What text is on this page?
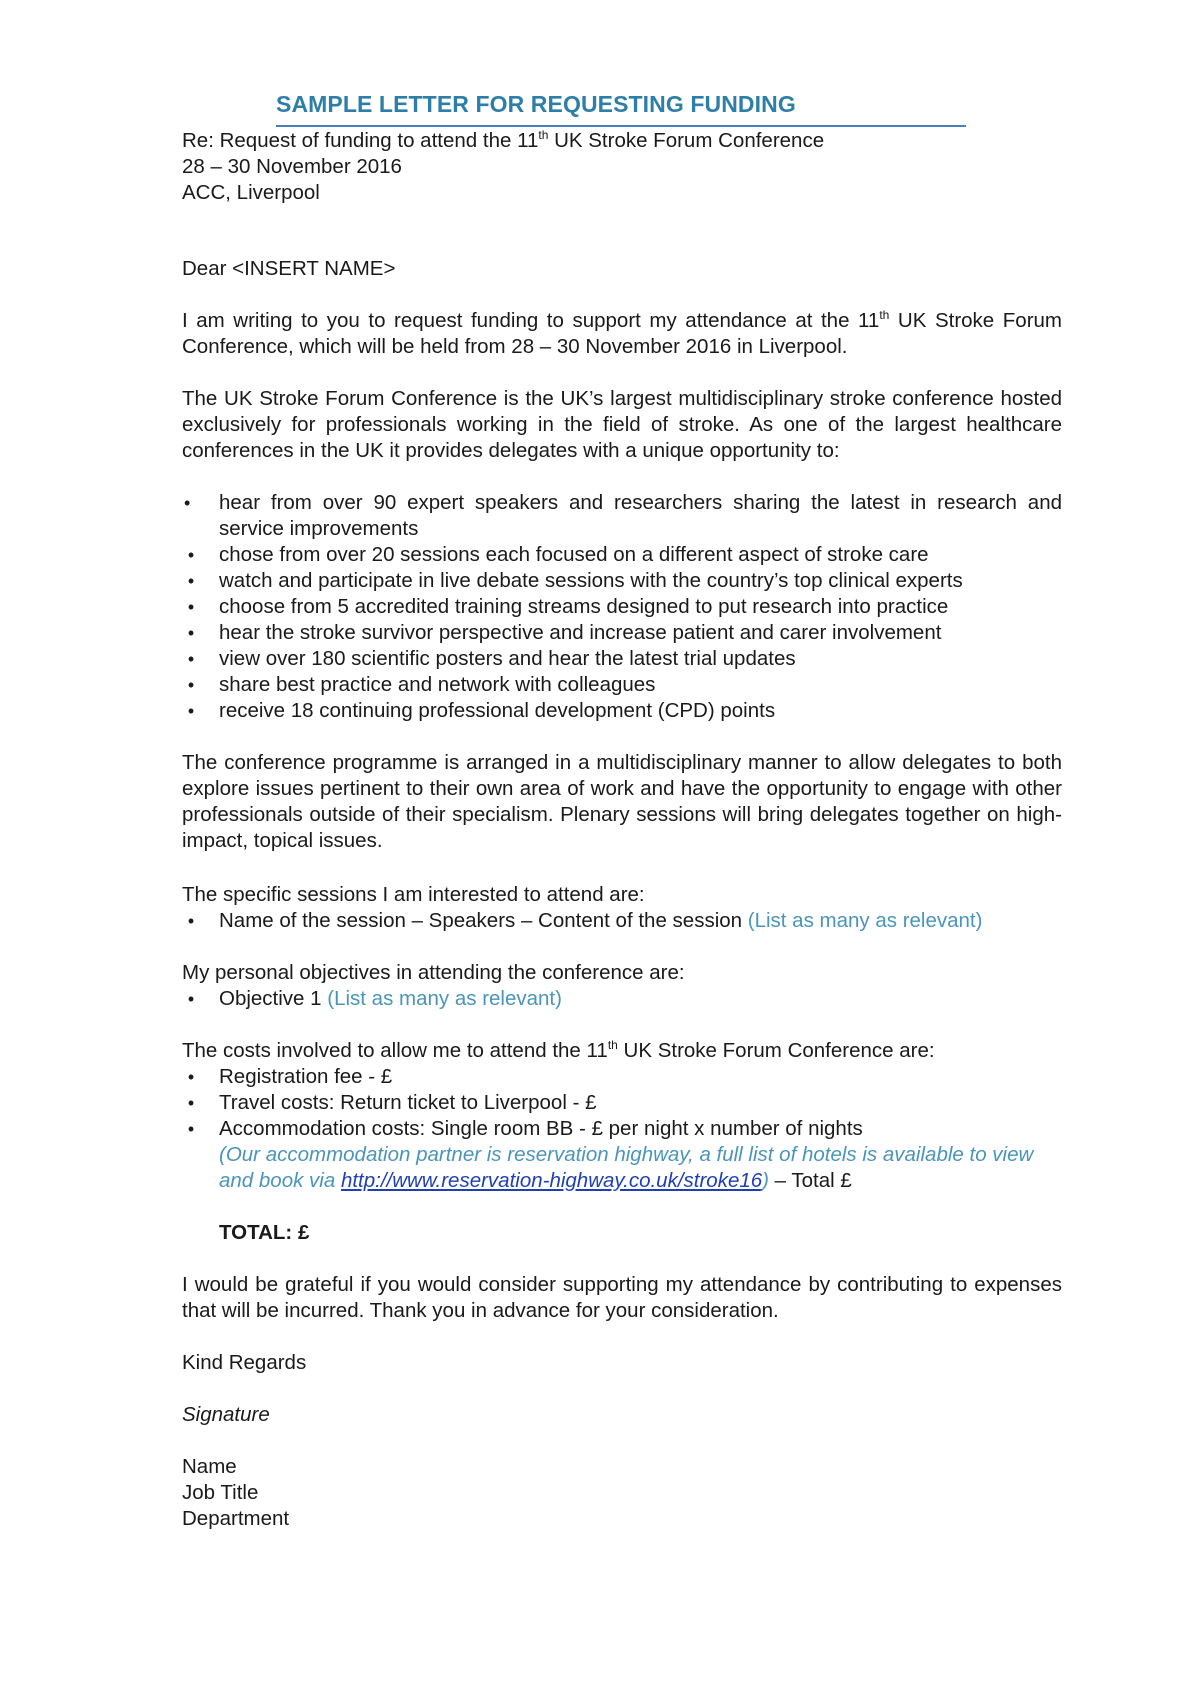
SAMPLE LETTER FOR REQUESTING FUNDING

Re: Request of funding to attend the 11th UK Stroke Forum Conference

28 – 30 November 2016

ACC, Liverpool

Dear <INSERT NAME>

I am writing to you to request funding to support my attendance at the 11th UK Stroke Forum Conference, which will be held from 28 – 30 November 2016 in Liverpool.

The UK Stroke Forum Conference is the UK’s largest multidisciplinary stroke conference hosted exclusively for professionals working in the field of stroke. As one of the largest healthcare conferences in the UK it provides delegates with a unique opportunity to:

•	hear from over 90 expert speakers and researchers sharing the latest in research and service improvements
• chose from over 20 sessions each focused on a different aspect of stroke care
• watch and participate in live debate sessions with the country’s top clinical experts
• choose from 5 accredited training streams designed to put research into practice
• hear the stroke survivor perspective and increase patient and carer involvement
• view over 180 scientific posters and hear the latest trial updates
• share best practice and network with colleagues
• receive 18 continuing professional development (CPD) points

The conference programme is arranged in a multidisciplinary manner to allow delegates to both explore issues pertinent to their own area of work and have the opportunity to engage with other professionals outside of their specialism. Plenary sessions will bring delegates together on high-impact, topical issues.

The specific sessions I am interested to attend are:

• Name of the session – Speakers – Content of the session (List as many as relevant)

My personal objectives in attending the conference are:

• Objective 1 (List as many as relevant)

The costs involved to allow me to attend the 11th UK Stroke Forum Conference are:

• Registration fee - £
• Travel costs: Return ticket to Liverpool - £
• Accommodation costs: Single room BB - £ per night x number of nights
(Our accommodation partner is reservation highway, a full list of hotels is available to view and book via http://www.reservation-highway.co.uk/stroke16) – Total £

TOTAL: £

I would be grateful if you would consider supporting my attendance by contributing to expenses that will be incurred. Thank you in advance for your consideration.

Kind Regards

Signature

Name

Job Title

Department
